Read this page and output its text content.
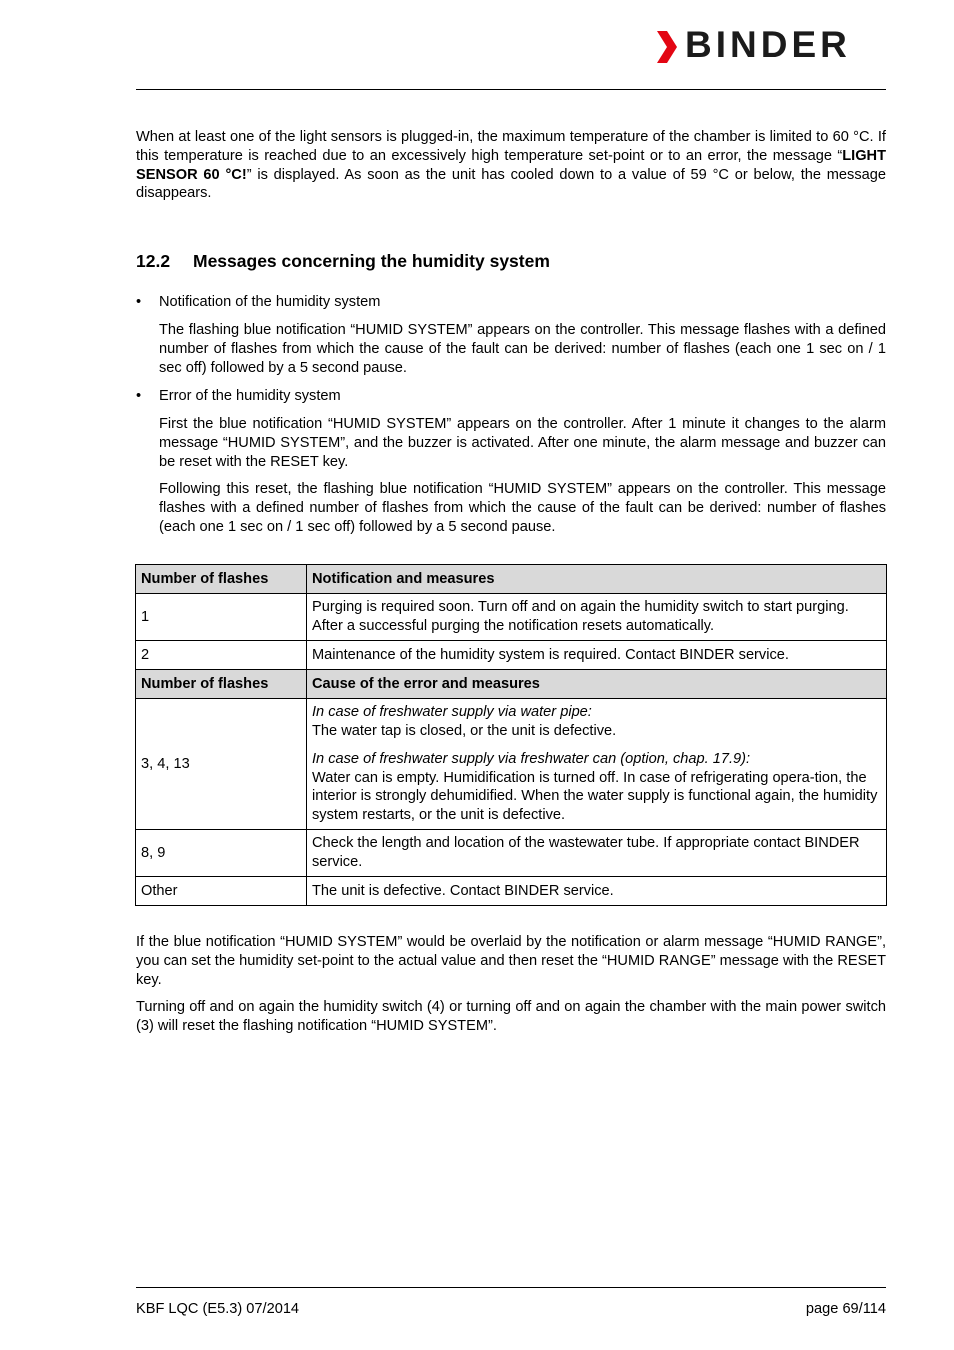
BINDER

When at least one of the light sensors is plugged-in, the maximum temperature of the chamber is limited to 60 °C. If this temperature is reached due to an excessively high temperature set-point or to an error, the message “LIGHT SENSOR 60 °C!” is displayed. As soon as the unit has cooled down to a value of 59 °C or below, the message disappears.

12.2 Messages concerning the humidity system
• Notification of the humidity system

The flashing blue notification “HUMID SYSTEM” appears on the controller. This message flashes with a defined number of flashes from which the cause of the fault can be derived: number of flashes (each one 1 sec on / 1 sec off) followed by a 5 second pause.

• Error of the humidity system

First the blue notification “HUMID SYSTEM” appears on the controller. After 1 minute it changes to the alarm message “HUMID SYSTEM”, and the buzzer is activated. After one minute, the alarm message and buzzer can be reset with the RESET key.

Following this reset, the flashing blue notification “HUMID SYSTEM” appears on the controller. This message flashes with a defined number of flashes from which the cause of the fault can be derived: number of flashes (each one 1 sec on / 1 sec off) followed by a 5 second pause.

Number of flashes	Notification and measures
1	Purging is required soon. Turn off and on again the humidity switch to start purging. After a successful purging the notification resets automatically.
2	Maintenance of the humidity system is required. Contact BINDER service.
Number of flashes	Cause of the error and measures
3, 4, 13	In case of freshwater supply via water pipe:

The water tap is closed, or the unit is defective.

In case of freshwater supply via freshwater can (option, chap. 17.9):

Water can is empty. Humidification is turned off. In case of refrigerating opera-tion, the interior is strongly dehumidified. When the water supply is functional again, the humidity system restarts, or the unit is defective.

8, 9	Check the length and location of the wastewater tube. If appropriate contact BINDER service.
Other	The unit is defective. Contact BINDER service.

If the blue notification “HUMID SYSTEM” would be overlaid by the notification or alarm message “HUMID RANGE”, you can set the humidity set-point to the actual value and then reset the “HUMID RANGE” message with the RESET key.

Turning off and on again the humidity switch (4) or turning off and on again the chamber with the main power switch (3) will reset the flashing notification “HUMID SYSTEM”.

KBF LQC (E5.3) 07/2014	page 69/114
